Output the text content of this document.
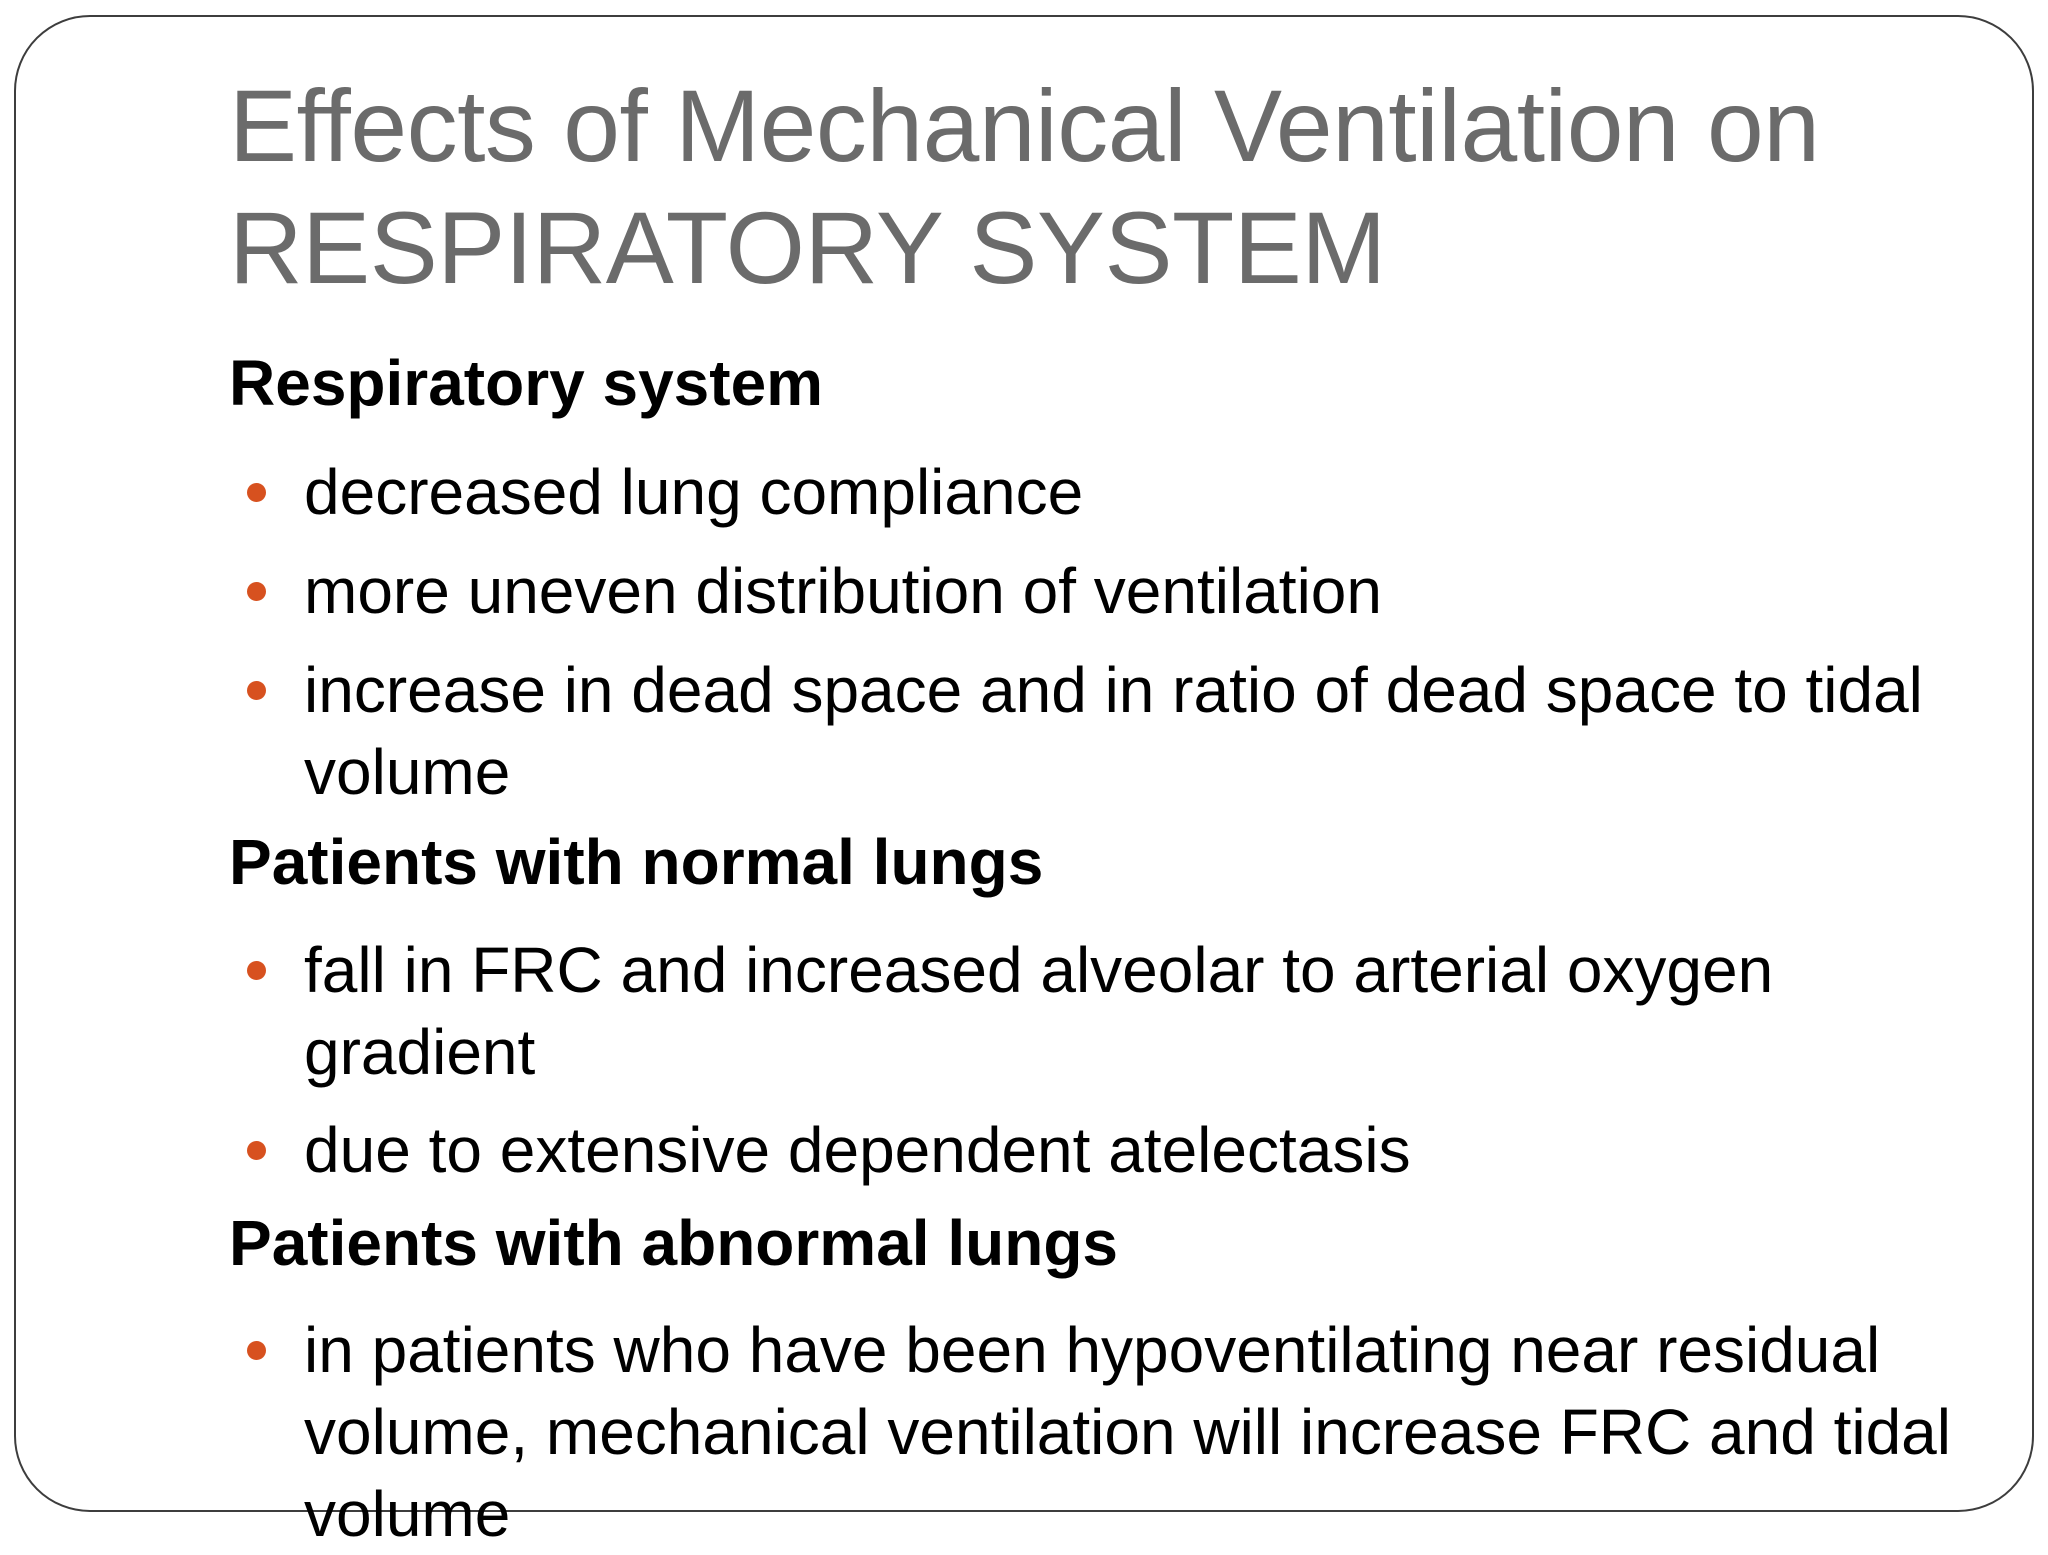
Effects of Mechanical Ventilation on
RESPIRATORY SYSTEM
Respiratory system
decreased lung compliance
more uneven distribution of ventilation
increase in dead space and in ratio of dead space to tidal volume
Patients with normal lungs
fall in FRC and increased alveolar to arterial oxygen gradient
due to extensive dependent atelectasis
Patients with abnormal lungs
in patients who have been hypoventilating near residual volume, mechanical ventilation will increase FRC and tidal volume
